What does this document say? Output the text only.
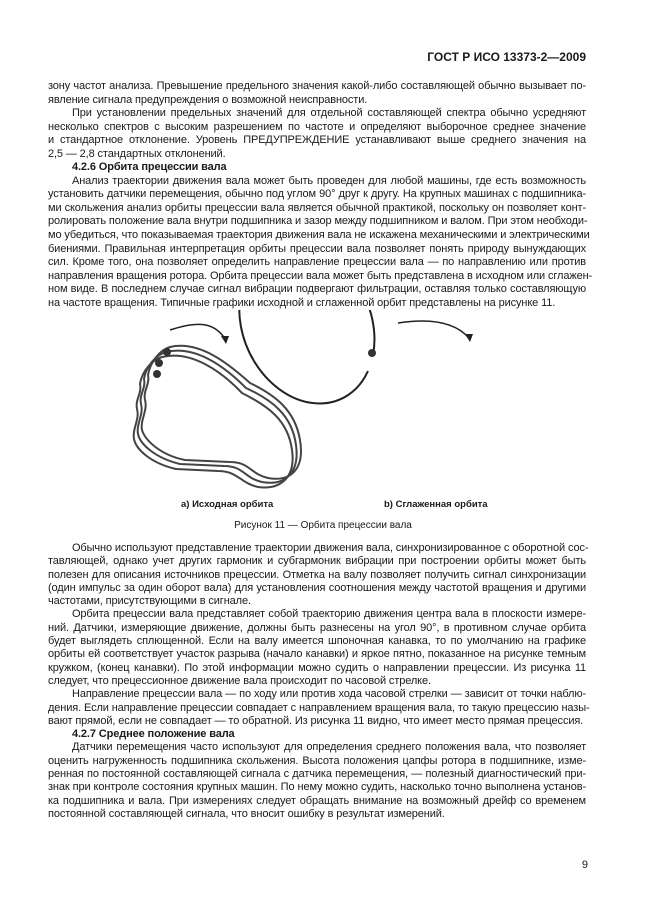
ГОСТ Р ИСО 13373-2—2009
зону частот анализа. Превышение предельного значения какой-либо составляющей обычно вызывает по-
явление сигнала предупреждения о возможной неисправности.
При установлении предельных значений для отдельной составляющей спектра обычно усредняют
несколько спектров с высоким разрешением по частоте и определяют выборочное среднее значение
и стандартное отклонение. Уровень ПРЕДУПРЕЖДЕНИЕ устанавливают выше среднего значения на
2,5 — 2,8 стандартных отклонений.
4.2.6 Орбита прецессии вала
Анализ траектории движения вала может быть проведен для любой машины, где есть возможность
установить датчики перемещения, обычно под углом 90° друг к другу. На крупных машинах с подшипника-
ми скольжения анализ орбиты прецессии вала является обычной практикой, поскольку он позволяет конт-
ролировать положение вала внутри подшипника и зазор между подшипником и валом. При этом необходи-
мо убедиться, что показываемая траектория движения вала не искажена механическими и электрическими
биениями. Правильная интерпретация орбиты прецессии вала позволяет понять природу вынуждающих
сил. Кроме того, она позволяет определить направление прецессии вала — по направлению или против
направления вращения ротора. Орбита прецессии вала может быть представлена в исходном или сглажен-
ном виде. В последнем случае сигнал вибрации подвергают фильтрации, оставляя только составляющую
на частоте вращения. Типичные графики исходной и сглаженной орбит представлены на рисунке 11.
а) Исходная орбита	b) Сглаженная орбита
Рисунок 11 — Орбита прецессии вала
Обычно используют представление траектории движения вала, синхронизированное с оборотной сос-
тавляющей, однако учет других гармоник и субгармоник вибрации при построении орбиты может быть
полезен для описания источников прецессии. Отметка на валу позволяет получить сигнал синхронизации
(один импульс за один оборот вала) для установления соотношения между частотой вращения и другими
частотами, присутствующими в сигнале.
Орбита прецессии вала представляет собой траекторию движения центра вала в плоскости измере-
ний. Датчики, измеряющие движение, должны быть разнесены на угол 90°, в противном случае орбита
будет выглядеть сплющенной. Если на валу имеется шпоночная канавка, то по умолчанию на графике
орбиты ей соответствует участок разрыва (начало канавки) и яркое пятно, показанное на рисунке темным
кружком, (конец канавки). По этой информации можно судить о направлении прецессии. Из рисунка 11
следует, что прецессионное движение вала происходит по часовой стрелке.
Направление прецессии вала — по ходу или против хода часовой стрелки — зависит от точки наблю-
дения. Если направление прецессии совпадает с направлением вращения вала, то такую прецессию назы-
вают прямой, если не совпадает — то обратной. Из рисунка 11 видно, что имеет место прямая прецессия.
4.2.7 Среднее положение вала
Датчики перемещения часто используют для определения среднего положения вала, что позволяет
оценить нагруженность подшипника скольжения. Высота положения цапфы ротора в подшипнике, изме-
ренная по постоянной составляющей сигнала с датчика перемещения, — полезный диагностический при-
знак при контроле состояния крупных машин. По нему можно судить, насколько точно выполнена установ-
ка подшипника и вала. При измерениях следует обращать внимание на возможный дрейф со временем
постоянной составляющей сигнала, что вносит ошибку в результат измерений.
9
